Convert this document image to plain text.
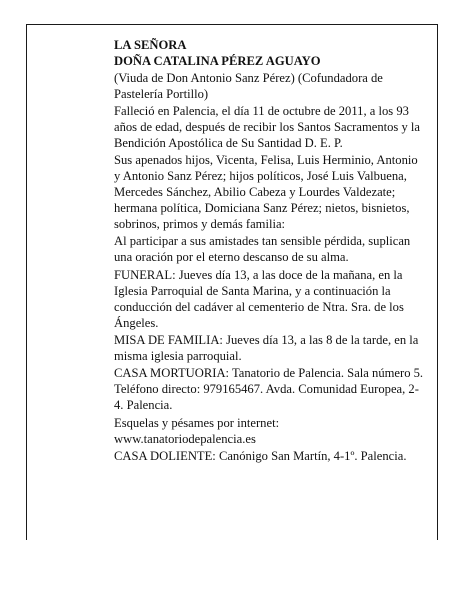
LA SEÑORA

DOÑA CATALINA PÉREZ AGUAYO

(Viuda de Don Antonio Sanz Pérez) (Cofundadora de Pastelería Portillo)

Falleció en Palencia, el día 11 de octubre de 2011, a los 93 años de edad, después de recibir los Santos Sacramentos y la Bendición Apostólica de Su Santidad D. E. P.

Sus apenados hijos, Vicenta, Felisa, Luis Herminio, Antonio y Antonio Sanz Pérez; hijos políticos, José Luis Valbuena, Mercedes Sánchez, Abilio Cabeza y Lourdes Valdezate; hermana política, Domiciana Sanz Pérez; nietos, bisnietos, sobrinos, primos y demás familia:

Al participar a sus amistades tan sensible pérdida, suplican una oración por el eterno descanso de su alma.

FUNERAL: Jueves día 13, a las doce de la mañana, en la Iglesia Parroquial de Santa Marina, y a continuación la conducción del cadáver al cementerio de Ntra. Sra. de los Ángeles.

MISA DE FAMILIA: Jueves día 13, a las 8 de la tarde, en la misma iglesia parroquial.

CASA MORTUORIA: Tanatorio de Palencia. Sala número 5. Teléfono directo: 979165467. Avda. Comunidad Europea, 2-4. Palencia.

Esquelas y pésames por internet: www.tanatoriodepalencia.es

CASA DOLIENTE: Canónigo San Martín, 4-1º. Palencia.
